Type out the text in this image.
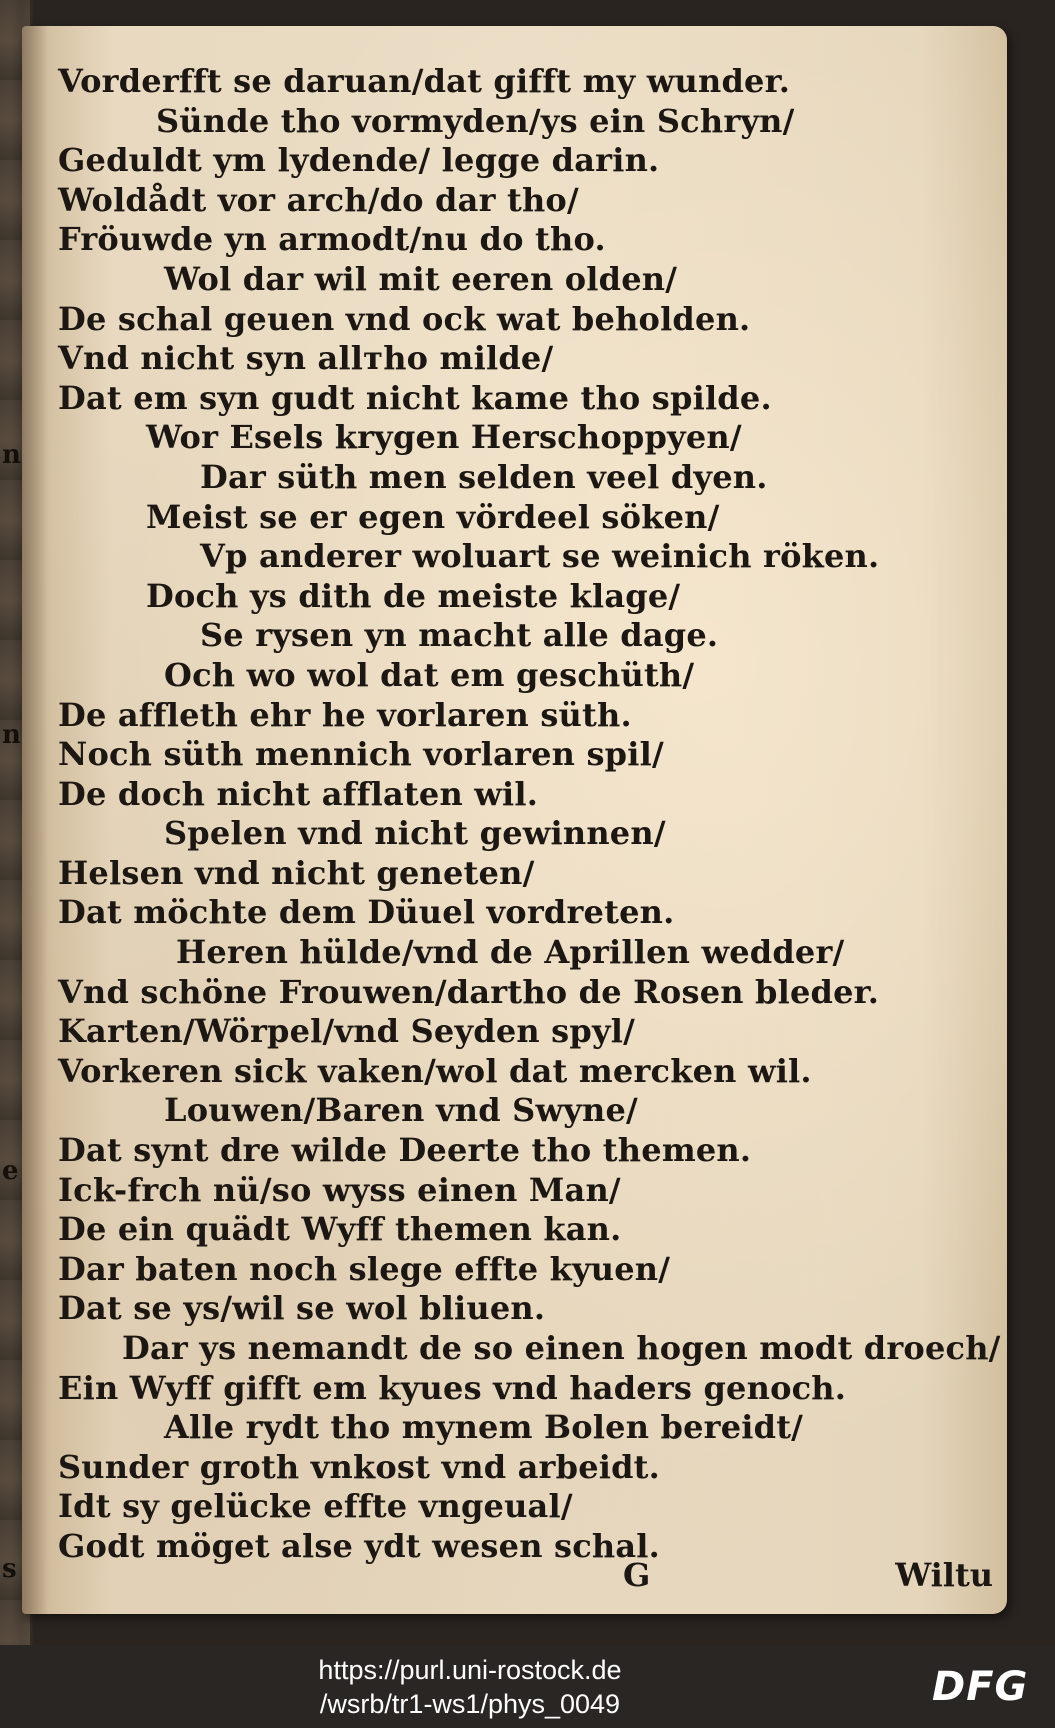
n
n
e
s
Vorderfft se daruan/dat gifft my wunder.
Sünde tho vormyden/ys ein Schryn/
Geduldt ym lydende/ legge darin.
Woldådt vor arch/do dar tho/
Fröuwde yn armodt/nu do tho.
Wol dar wil mit eeren olden/
De schal geuen vnd ock wat beholden.
Vnd nicht syn allтho milde/
Dat em syn gudt nicht kame tho spilde.
Wor Esels krygen Herschoppyen/
Dar süth men selden veel dyen.
Meist se er egen vördeel söken/
Vp anderer woluart se weinich röken.
Doch ys dith de meiste klage/
Se rysen yn macht alle dage.
Och wo wol dat em geschüth/
De affleth ehr he vorlaren süth.
Noch süth mennich vorlaren spil/
De doch nicht afflaten wil.
Spelen vnd nicht gewinnen/
Helsen vnd nicht geneten/
Dat möchte dem Düuel vordreten.
Heren hülde/vnd de Aprillen wedder/
Vnd schöne Frouwen/dartho de Rosen bleder.
Karten/Wörpel/vnd Seyden spyl/
Vorkeren sick vaken/wol dat mercken wil.
Louwen/Baren vnd Swyne/
Dat synt dre wilde Deerte tho themen.
Ick-frch nü/so wyss einen Man/
De ein quädt Wyff themen kan.
Dar baten noch slege effte kyuen/
Dat se ys/wil se wol bliuen.
Dar ys nemandt de so einen hogen modt droech/
Ein Wyff gifft em kyues vnd haders genoch.
Alle rydt tho mynem Bolen bereidt/
Sunder groth vnkost vnd arbeidt.
Idt sy gelücke effte vngeual/
Godt möget alse ydt wesen schal.
G	Wiltu
https://purl.uni-rostock.de
/wsrb/tr1-ws1/phys_0049	DFG
